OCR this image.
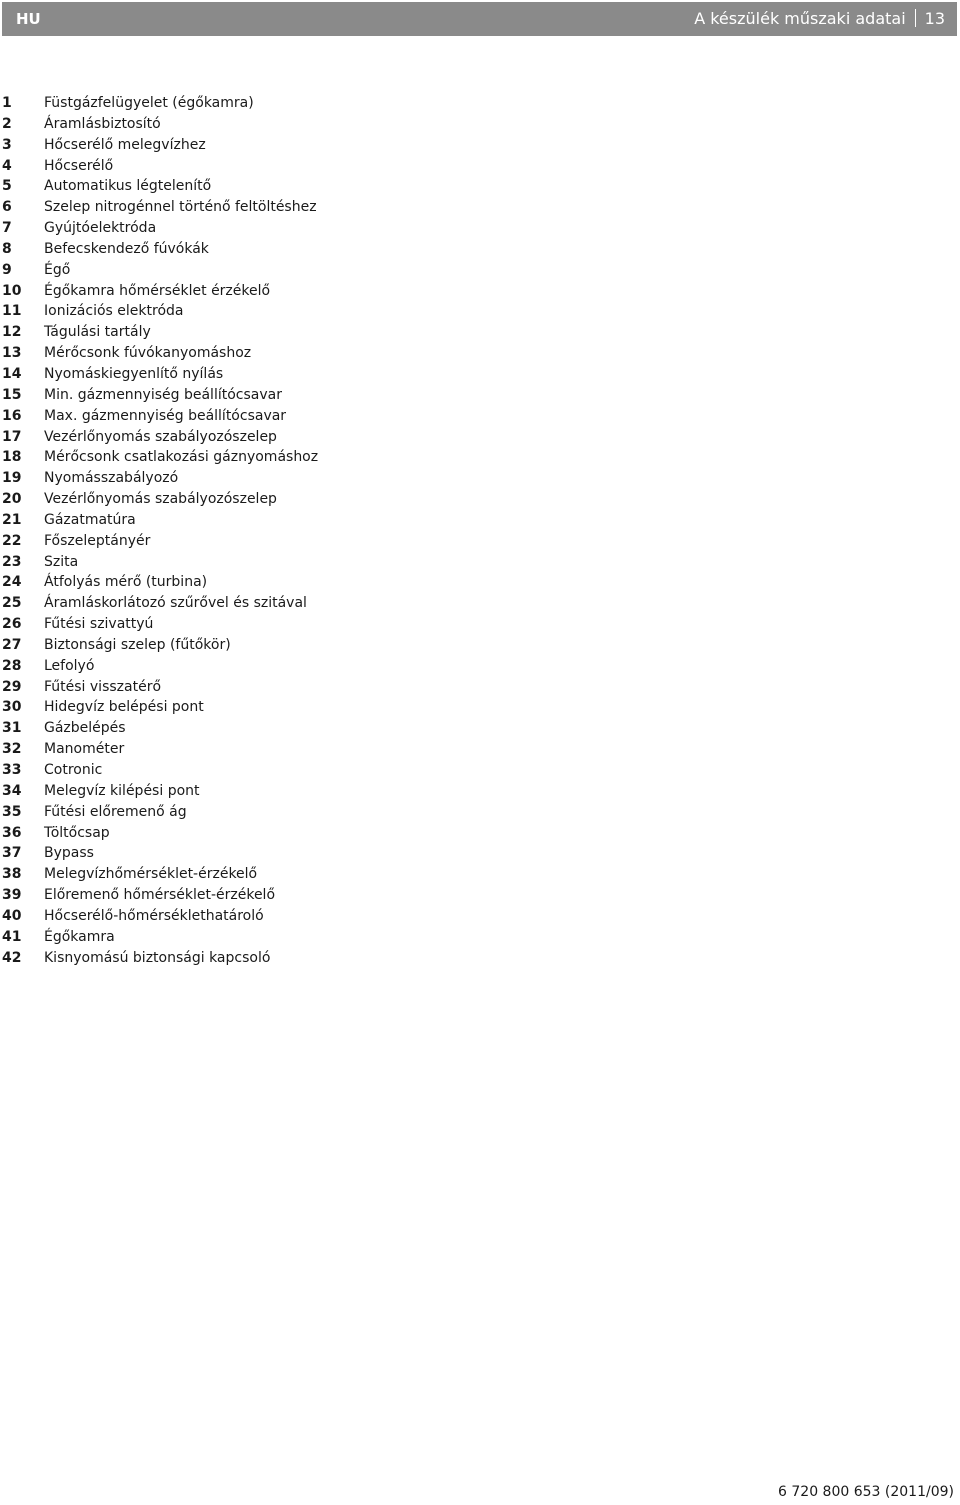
HU	A készülék műszaki adatai 13
1	Füstgázfelügyelet (égőkamra)
2	Áramlásbiztosító
3	Hőcserélő melegvízhez
4	Hőcserélő
5	Automatikus légtelenítő
6	Szelep nitrogénnel történő feltöltéshez
7	Gyújtóelektróda
8	Befecskendező fúvókák
9	Égő
10	Égőkamra hőmérséklet érzékelő
11	Ionizációs elektróda
12	Tágulási tartály
13	Mérőcsonk fúvókanyomáshoz
14	Nyomáskiegyenlítő nyílás
15	Min. gázmennyiség beállítócsavar
16	Max. gázmennyiség beállítócsavar
17	Vezérlőnyomás szabályozószelep
18	Mérőcsonk csatlakozási gáznyomáshoz
19	Nyomásszabályozó
20	Vezérlőnyomás szabályozószelep
21	Gázatmatúra
22	Főszeleptányér
23	Szita
24	Átfolyás mérő (turbina)
25	Áramláskorlátozó szűrővel és szitával
26	Fűtési szivattyú
27	Biztonsági szelep (fűtőkör)
28	Lefolyó
29	Fűtési visszatérő
30	Hidegvíz belépési pont
31	Gázbelépés
32	Manométer
33	Cotronic
34	Melegvíz kilépési pont
35	Fűtési előremenő ág
36	Töltőcsap
37	Bypass
38	Melegvízhőmérséklet-érzékelő
39	Előremenő hőmérséklet-érzékelő
40	Hőcserélő-hőmérséklethatároló
41	Égőkamra
42	Kisnyomású biztonsági kapcsoló
6 720 800 653 (2011/09)
